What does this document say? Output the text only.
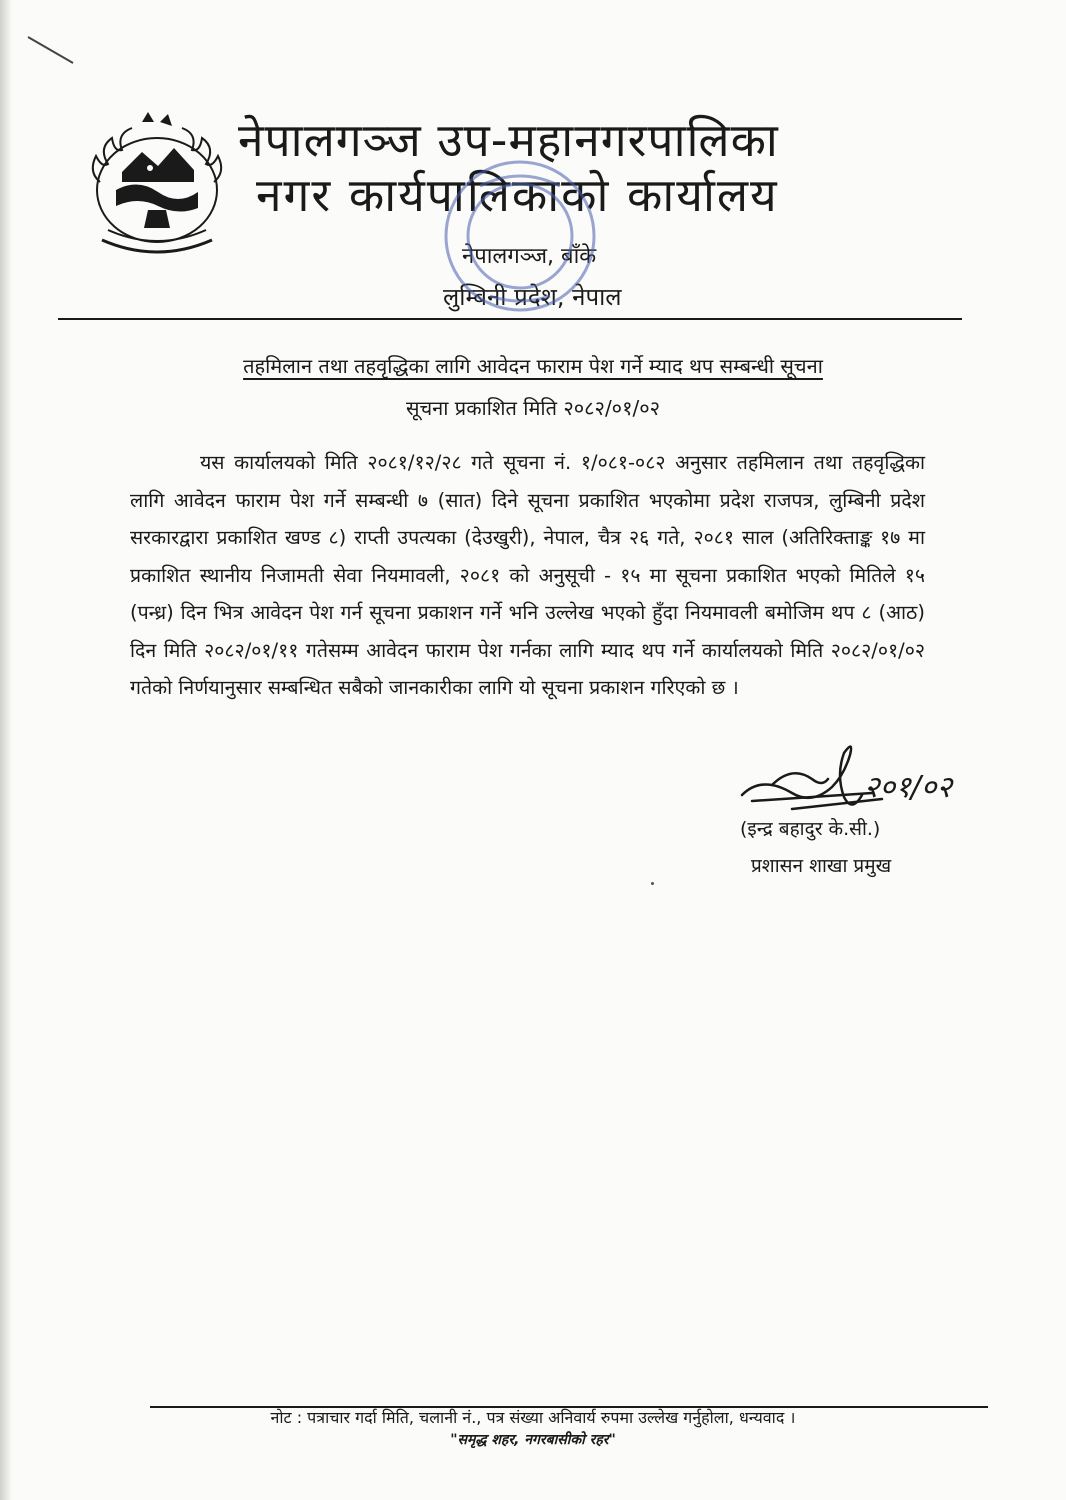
नेपालगञ्ज उप-महानगरपालिका
नगर कार्यपालिकाको कार्यालय
नेपालगञ्ज, बाँके
लुम्बिनी प्रदेश, नेपाल
तहमिलान तथा तहवृद्धिका लागि आवेदन फाराम पेश गर्ने म्याद थप सम्बन्धी सूचना
सूचना प्रकाशित मिति २०८२/०१/०२
यस कार्यालयको मिति २०८१/१२/२८ गते सूचना नं. १/०८१-०८२ अनुसार तहमिलान तथा तहवृद्धिका लागि आवेदन फाराम पेश गर्ने सम्बन्धी ७ (सात) दिने सूचना प्रकाशित भएकोमा प्रदेश राजपत्र, लुम्बिनी प्रदेश सरकारद्वारा प्रकाशित खण्ड ८) राप्ती उपत्यका (देउखुरी), नेपाल, चैत्र २६ गते, २०८१ साल (अतिरिक्ताङ्क १७ मा प्रकाशित स्थानीय निजामती सेवा नियमावली, २०८१ को अनुसूची - १५ मा सूचना प्रकाशित भएको मितिले १५ (पन्ध्र) दिन भित्र आवेदन पेश गर्न सूचना प्रकाशन गर्ने भनि उल्लेख भएको हुँदा नियमावली बमोजिम थप ८ (आठ) दिन मिति २०८२/०१/११ गतेसम्म आवेदन फाराम पेश गर्नका लागि म्याद थप गर्ने कार्यालयको मिति २०८२/०१/०२ गतेको निर्णयानुसार सम्बन्धित सबैको जानकारीका लागि यो सूचना प्रकाशन गरिएको छ ।
२०१/०२
(इन्द्र बहादुर के.सी.)
प्रशासन शाखा प्रमुख
नोट : पत्राचार गर्दा मिति, चलानी नं., पत्र संख्या अनिवार्य रुपमा उल्लेख गर्नुहोला, धन्यवाद ।
"समृद्ध शहर, नगरबासीको रहर"
